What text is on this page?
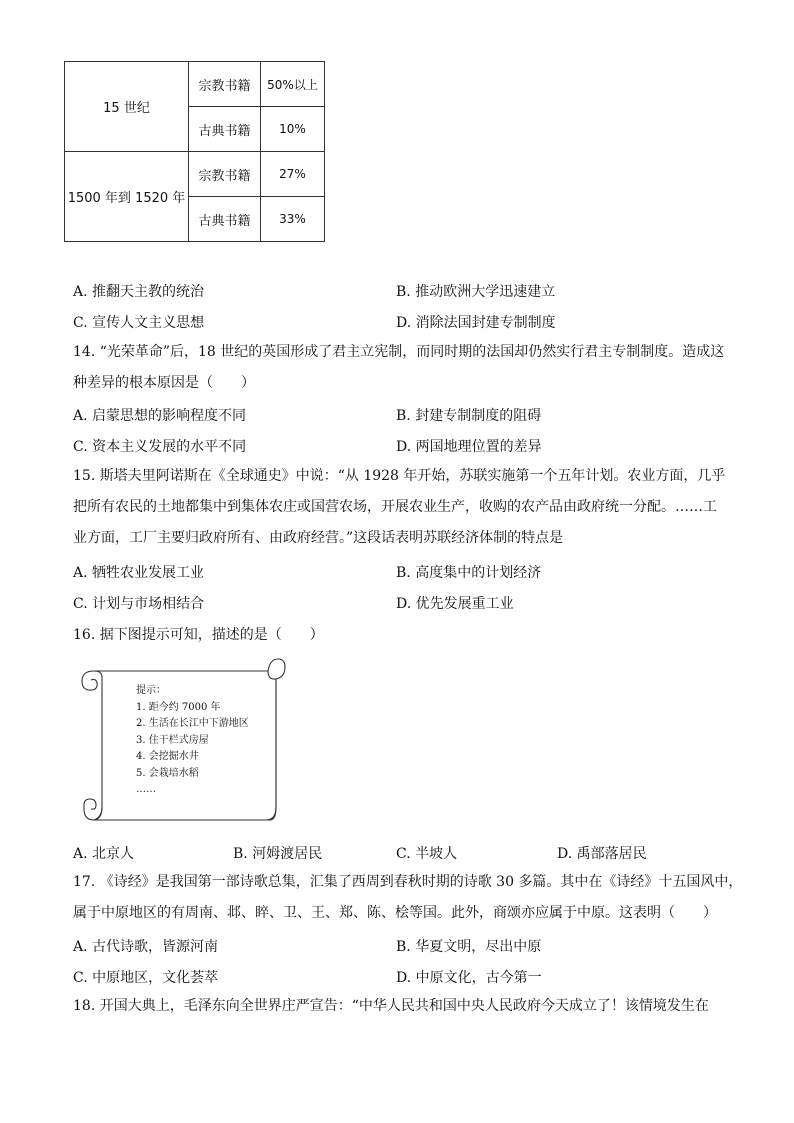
15 世纪	宗教书籍	50%以上
	古典书籍	10%
1500 年到 1520 年	宗教书籍	27%
	古典书籍	33%
A. 推翻天主教的统治	B. 推动欧洲大学迅速建立
C. 宣传人文主义思想	D. 消除法国封建专制制度
14. “光荣革命”后，18 世纪的英国形成了君主立宪制，而同时期的法国却仍然实行君主专制制度。造成这
种差异的根本原因是（　　）
A. 启蒙思想的影响程度不同	B. 封建专制制度的阻碍
C. 资本主义发展的水平不同	D. 两国地理位置的差异
15. 斯塔夫里阿诺斯在《全球通史》中说：“从 1928 年开始，苏联实施第一个五年计划。农业方面，几乎
把所有农民的土地都集中到集体农庄或国营农场，开展农业生产，收购的农产品由政府统一分配。……工
业方面，工厂主要归政府所有、由政府经营。”这段话表明苏联经济体制的特点是
A. 牺牲农业发展工业	B. 高度集中的计划经济
C. 计划与市场相结合	D. 优先发展重工业
16. 据下图提示可知，描述的是（　　）
提示：
1. 距今约 7000 年
2. 生活在长江中下游地区
3. 住干栏式房屋
4. 会挖掘水井
5. 会栽培水稻
……
A. 北京人	B. 河姆渡居民	C. 半坡人	D. 禹部落居民
17. 《诗经》是我国第一部诗歌总集，汇集了西周到春秋时期的诗歌 30 多篇。其中在《诗经》十五国风中，
属于中原地区的有周南、邶、睟、卫、王、郑、陈、桧等国。此外，商颂亦应属于中原。这表明（　　）
A. 古代诗歌，皆源河南	B. 华夏文明，尽出中原
C. 中原地区，文化荟萃	D. 中原文化，古今第一
18. 开国大典上，毛泽东向全世界庄严宣告：“中华人民共和国中央人民政府今天成立了！该情境发生在
